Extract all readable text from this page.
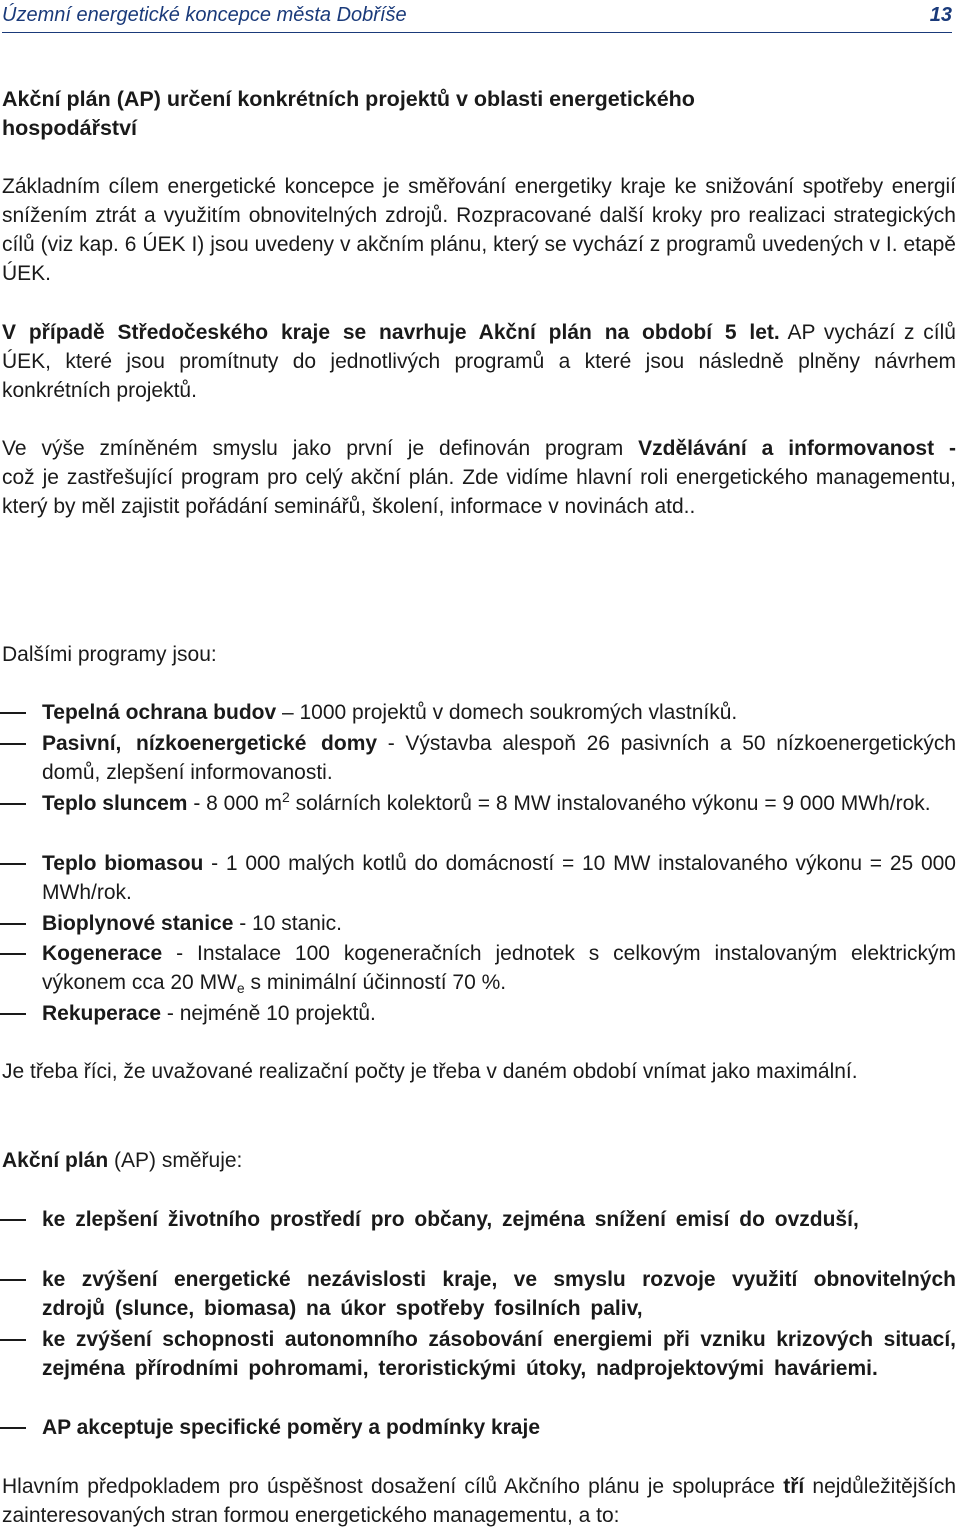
Územní energetické koncepce města Dobříše	13
Akční plán (AP) určení konkrétních projektů v oblasti energetického hospodářství
Základním cílem energetické koncepce je směřování energetiky kraje ke snižování spotřeby energií snížením ztrát a využitím obnovitelných zdrojů. Rozpracované další kroky pro realizaci strategických cílů (viz kap. 6 ÚEK I) jsou uvedeny v akčním plánu, který se vychází z programů uvedených v I. etapě ÚEK.
V případě Středočeského kraje se navrhuje Akční plán na období 5 let. AP vychází z cílů ÚEK, které jsou promítnuty do jednotlivých programů a které jsou následně plněny návrhem konkrétních projektů.
Ve výše zmíněném smyslu jako první je definován program Vzdělávání a informovanost -
což je zastřešující program pro celý akční plán. Zde vidíme hlavní roli energetického managementu, který by měl zajistit pořádání seminářů, školení, informace v novinách atd..
Dalšími programy jsou:
Tepelná ochrana budov – 1000 projektů v domech soukromých vlastníků.
Pasivní, nízkoenergetické domy - Výstavba alespoň 26 pasivních a 50 nízkoenergetických domů, zlepšení informovanosti.
Teplo sluncem - 8 000 $m^2$ solárních kolektorů = 8 MW instalovaného výkonu = 9 000 MWh/rok.
Teplo biomasou - 1 000 malých kotlů do domácností = 10 MW instalovaného výkonu = 25 000 MWh/rok.
Bioplynové stanice - 10 stanic.
Kogenerace - Instalace 100 kogeneračních jednotek s celkovým instalovaným elektrickým výkonem cca 20 $MW_e$ s minimální účinností 70 %.
Rekuperace - nejméně 10 projektů.
Je třeba říci, že uvažované realizační počty je třeba v daném období vnímat jako maximální.
Akční plán (AP) směřuje:
ke zlepšení životního prostředí pro občany, zejména snížení emisí do ovzduší,
ke zvýšení energetické nezávislosti kraje, ve smyslu rozvoje využití obnovitelných zdrojů (slunce, biomasa) na úkor spotřeby fosilních paliv,
ke zvýšení schopnosti autonomního zásobování energiemi při vzniku krizových situací, zejména přírodními pohromami, teroristickými útoky, nadprojektovými haváriemi.
AP akceptuje specifické poměry a podmínky kraje
Hlavním předpokladem pro úspěšnost dosažení cílů Akčního plánu je spolupráce tří nejdůležitějších zainteresovaných stran formou energetického managementu, a to:
